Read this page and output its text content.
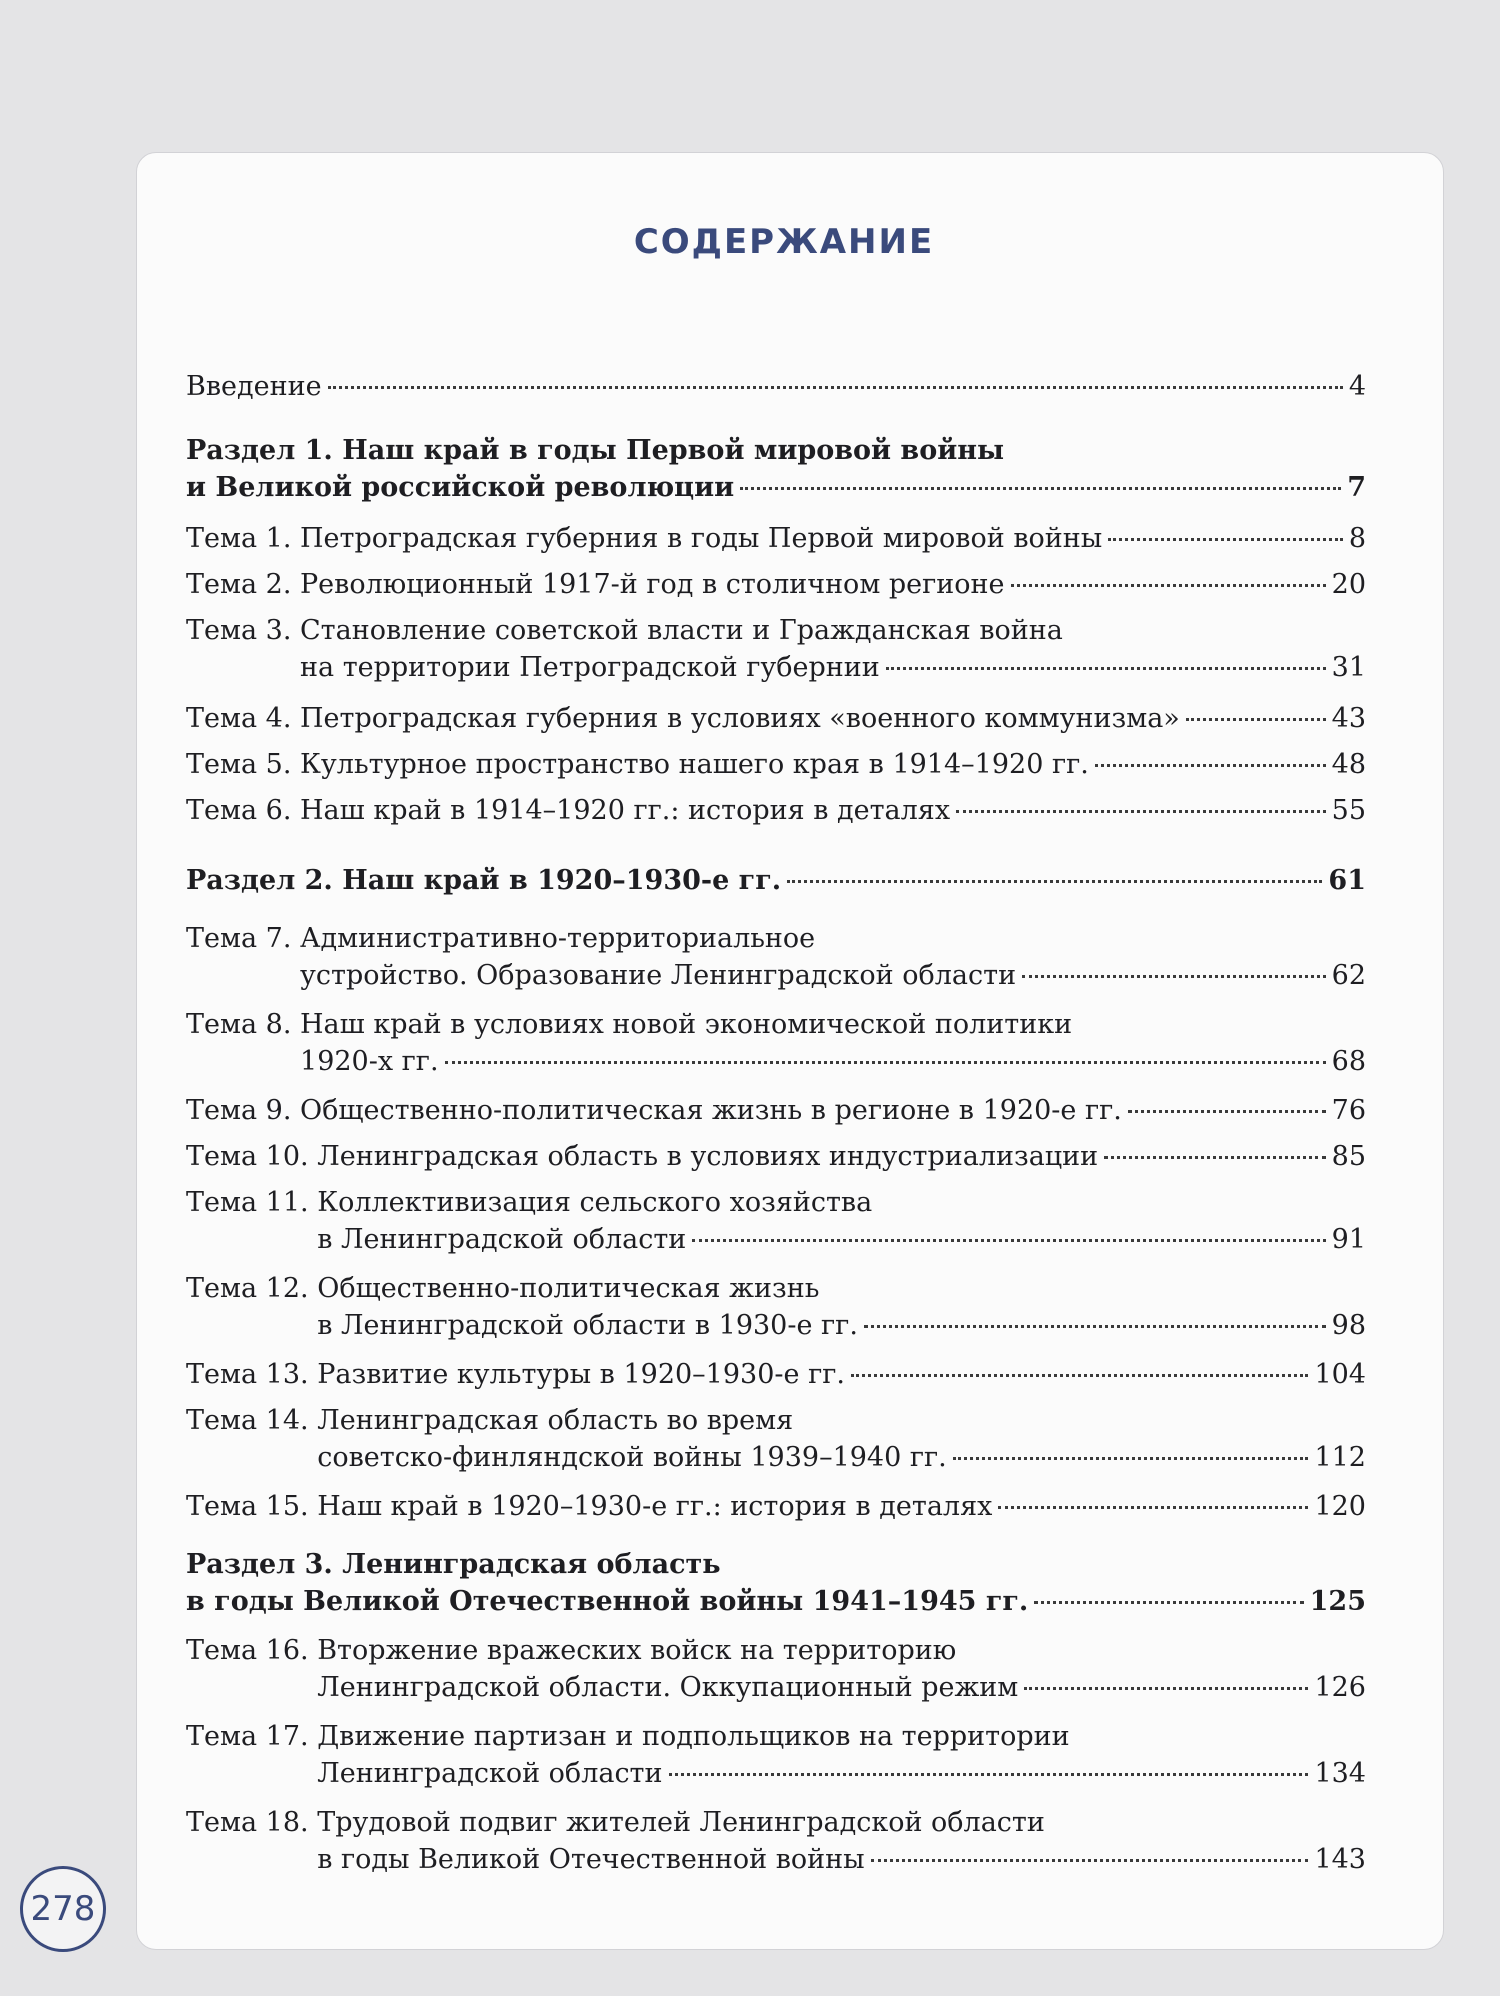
СОДЕРЖАНИЕ
Введение	4
Раздел 1. Наш край в годы Первой мировой войны
и Великой российской революции	7
Тема 1. Петроградская губерния в годы Первой мировой войны	8
Тема 2. Революционный 1917-й год в столичном регионе	20
Тема 3. Становление советской власти и Гражданская война
на территории Петроградской губернии	31
Тема 4. Петроградская губерния в условиях «военного коммунизма»	43
Тема 5. Культурное пространство нашего края в 1914–1920 гг.	48
Тема 6. Наш край в 1914–1920 гг.: история в деталях	55
Раздел 2. Наш край в 1920–1930-е гг.	61
Тема 7. Административно-территориальное
устройство. Образование Ленинградской области	62
Тема 8. Наш край в условиях новой экономической политики
1920-х гг.	68
Тема 9. Общественно-политическая жизнь в регионе в 1920-е гг.	76
Тема 10. Ленинградская область в условиях индустриализации	85
Тема 11. Коллективизация сельского хозяйства
в Ленинградской области	91
Тема 12. Общественно-политическая жизнь
в Ленинградской области в 1930-е гг.	98
Тема 13. Развитие культуры в 1920–1930-е гг.	104
Тема 14. Ленинградская область во время
советско-финляндской войны 1939–1940 гг.	112
Тема 15. Наш край в 1920–1930-е гг.: история в деталях	120
Раздел 3. Ленинградская область
в годы Великой Отечественной войны 1941–1945 гг.	125
Тема 16. Вторжение вражеских войск на территорию
Ленинградской области. Оккупационный режим	126
Тема 17. Движение партизан и подпольщиков на территории
Ленинградской области	134
Тема 18. Трудовой подвиг жителей Ленинградской области
в годы Великой Отечественной войны	143
278
